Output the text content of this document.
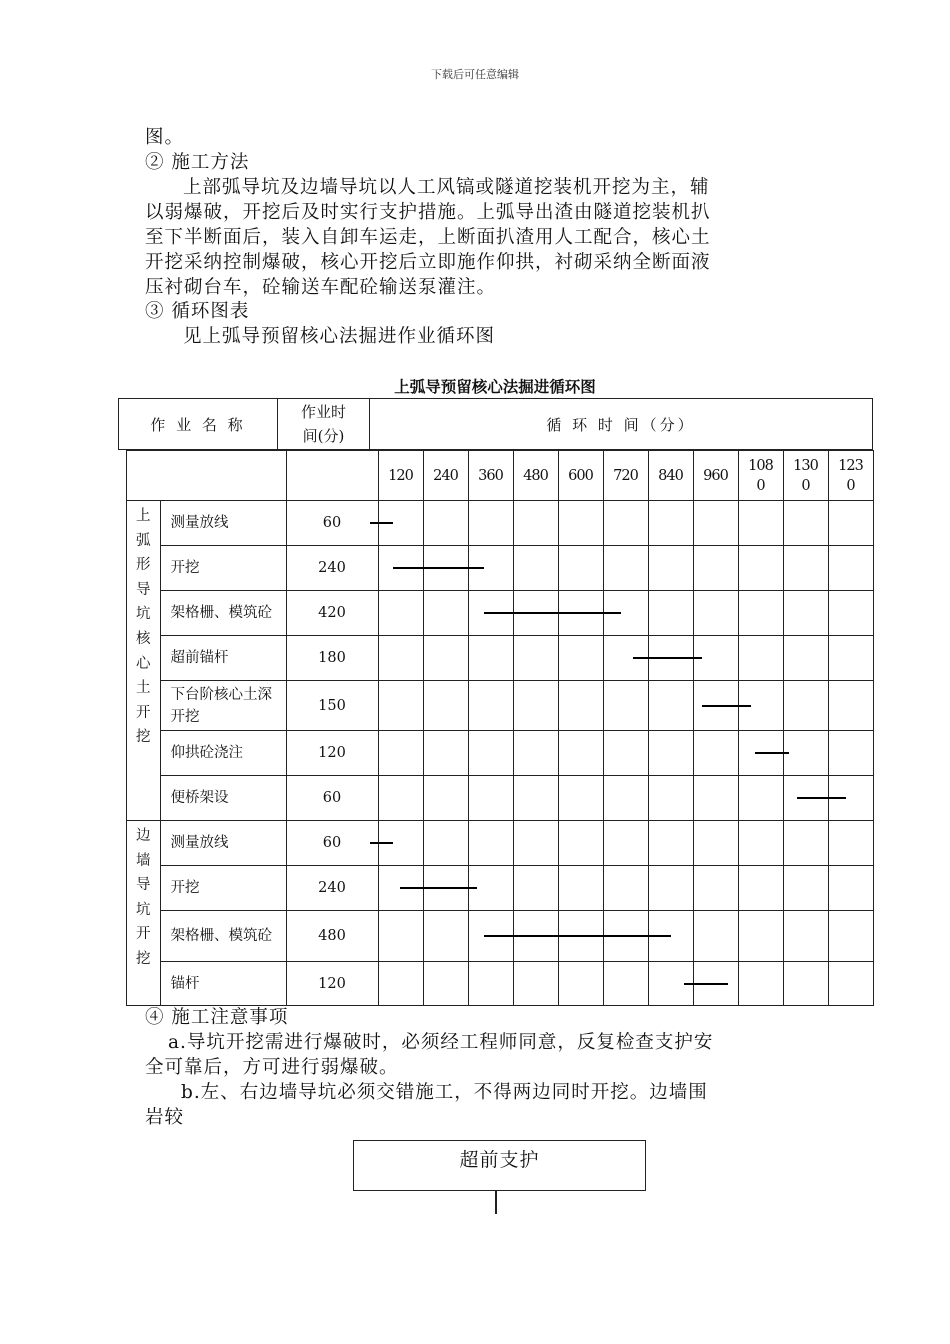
下载后可任意编辑
图。
② 施工方法
上部弧导坑及边墙导坑以人工风镐或隧道挖装机开挖为主，辅
以弱爆破，开挖后及时实行支护措施。上弧导出渣由隧道挖装机扒
至下半断面后，装入自卸车运走，上断面扒渣用人工配合，核心土
开挖采纳控制爆破，核心开挖后立即施作仰拱，衬砌采纳全断面液
压衬砌台车，砼输送车配砼输送泵灌注。
③ 循环图表
见上弧导预留核心法掘进作业循环图
上弧导预留核心法掘进循环图
作 业 名 称	作业时间(分)	循 环 时 间（分）
			120	240	360	480	600	720	840	960	1080	1300	1230
上弧形导坑核心土开挖	测量放线	60											
	开挖	240											
	架格栅、模筑砼	420											
	超前锚杆	180											
	下台阶核心土深开挖	150											
	仰拱砼浇注	120											
	便桥架设	60											
边墙导坑开挖	测量放线	60											
	开挖	240											
	架格栅、模筑砼	480											
	锚杆	120											
④ 施工注意事项
a.导坑开挖需进行爆破时，必须经工程师同意，反复检查支护安
全可靠后，方可进行弱爆破。
b.左、右边墙导坑必须交错施工，不得两边同时开挖。边墙围
岩较
超前支护
